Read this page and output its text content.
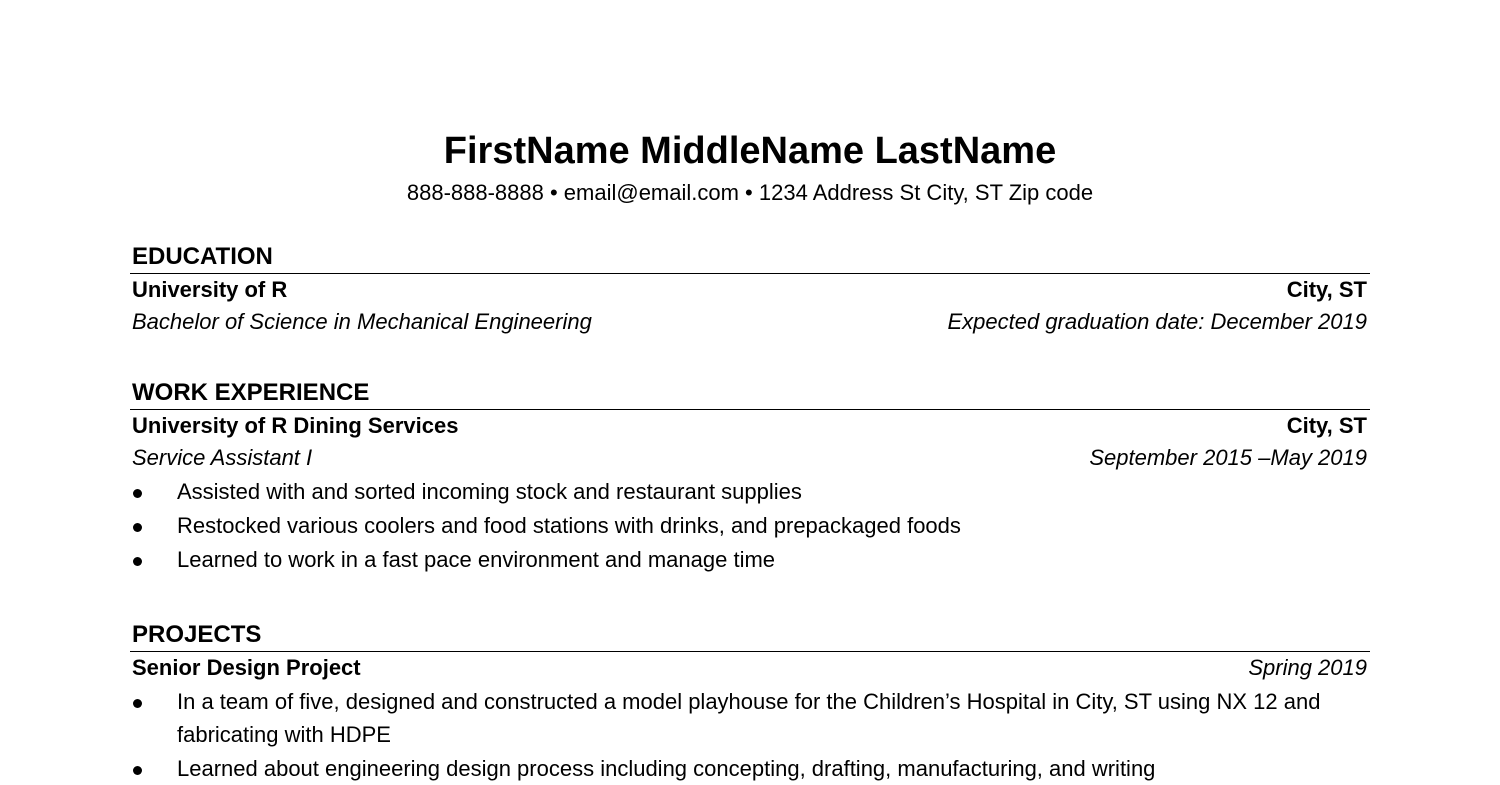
FirstName MiddleName LastName
888-888-8888 • email@email.com • 1234 Address St City, ST Zip code
EDUCATION
University of R	City, ST
Bachelor of Science in Mechanical Engineering	Expected graduation date: December 2019
WORK EXPERIENCE
University of R Dining Services	City, ST
Service Assistant I	September 2015 –May 2019
Assisted with and sorted incoming stock and restaurant supplies
Restocked various coolers and food stations with drinks, and prepackaged foods
Learned to work in a fast pace environment and manage time
PROJECTS
Senior Design Project	Spring 2019
In a team of five, designed and constructed a model playhouse for the Children’s Hospital in City, ST using NX 12 and fabricating with HDPE
Learned about engineering design process including concepting, drafting, manufacturing, and writing
